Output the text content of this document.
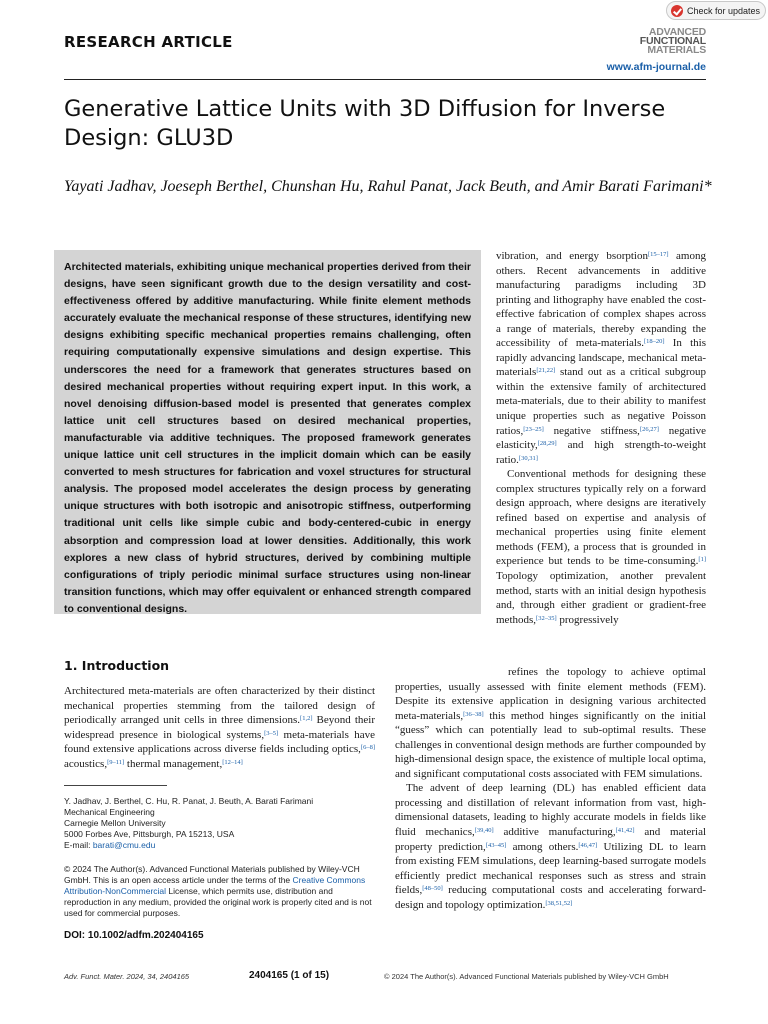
Check for updates
RESEARCH ARTICLE
ADVANCED
FUNCTIONAL
MATERIALS
www.afm-journal.de
Generative Lattice Units with 3D Diffusion for Inverse Design: GLU3D
Yayati Jadhav, Joeseph Berthel, Chunshan Hu, Rahul Panat, Jack Beuth, and Amir Barati Farimani*
Architected materials, exhibiting unique mechanical properties derived from their designs, have seen significant growth due to the design versatility and cost-effectiveness offered by additive manufacturing. While finite element methods accurately evaluate the mechanical response of these structures, identifying new designs exhibiting specific mechanical properties remains challenging, often requiring computationally expensive simulations and design expertise. This underscores the need for a framework that generates structures based on desired mechanical properties without requiring expert input. In this work, a novel denoising diffusion-based model is presented that generates complex lattice unit cell structures based on desired mechanical properties, manufacturable via additive techniques. The proposed framework generates unique lattice unit cell structures in the implicit domain which can be easily converted to mesh structures for fabrication and voxel structures for structural analysis. The proposed model accelerates the design process by generating unique structures with both isotropic and anisotropic stiffness, outperforming traditional unit cells like simple cubic and body-centered-cubic in energy absorption and compression load at lower densities. Additionally, this work explores a new class of hybrid structures, derived by combining multiple configurations of triply periodic minimal surface structures using non-linear transition functions, which may offer equivalent or enhanced strength compared to conventional designs.

vibration, and energy bsorption[15–17] among others. Recent advancements in additive manufacturing paradigms including 3D printing and lithography have enabled the cost-effective fabrication of complex shapes across a range of materials, thereby expanding the accessibility of meta-materials.[18–20] In this rapidly advancing landscape, mechanical meta-materials[21,22] stand out as a critical subgroup within the extensive family of architectured meta-materials, due to their ability to manifest unique properties such as negative Poisson ratios,[23–25] negative stiffness,[26,27] negative elasticity,[28,29] and high strength-to-weight ratio.[30,31]

Conventional methods for designing these complex structures typically rely on a forward design approach, where designs are iteratively refined based on expertise and analysis of mechanical properties using finite element methods (FEM), a process that is grounded in experience but tends to be time-consuming.[1] Topology optimization, another prevalent method, starts with an initial design hypothesis and, through either gradient or gradient-free methods,[32–35] progressively

refines the topology to achieve optimal properties, usually assessed with finite element methods (FEM). Despite its extensive application in designing various architected meta-materials,[36–38] this method hinges significantly on the initial “guess” which can potentially lead to sub-optimal results. These challenges in conventional design methods are further compounded by high-dimensional design space, the existence of multiple local optima, and significant computational costs associated with FEM simulations.

The advent of deep learning (DL) has enabled efficient data processing and distillation of relevant information from vast, high-dimensional datasets, leading to highly accurate models in fields like fluid mechanics,[39,40] additive manufacturing,[41,42] and material property prediction,[43–45] among others.[46,47] Utilizing DL to learn from existing FEM simulations, deep learning-based surrogate models efficiently predict mechanical responses such as stress and strain fields,[48–50] reducing computational costs and accelerating forward-design and topology optimization.[38,51,52]

1. Introduction

Architectured meta-materials are often characterized by their distinct mechanical properties stemming from the tailored design of periodically arranged unit cells in three dimensions.[1,2] Beyond their widespread presence in biological systems,[3–5] meta-materials have found extensive applications across diverse fields including optics,[6–8] acoustics,[9–11] thermal management,[12–14]

Y. Jadhav, J. Berthel, C. Hu, R. Panat, J. Beuth, A. Barati Farimani
Mechanical Engineering
Carnegie Mellon University
5000 Forbes Ave, Pittsburgh, PA 15213, USA
E-mail: barati@cmu.edu
© 2024 The Author(s). Advanced Functional Materials published by Wiley-VCH GmbH. This is an open access article under the terms of the Creative Commons Attribution-NonCommercial License, which permits use, distribution and reproduction in any medium, provided the original work is properly cited and is not used for commercial purposes.
DOI: 10.1002/adfm.202404165
Adv. Funct. Mater. 2024, 34, 2404165	2404165 (1 of 15)	© 2024 The Author(s). Advanced Functional Materials published by Wiley-VCH GmbH
